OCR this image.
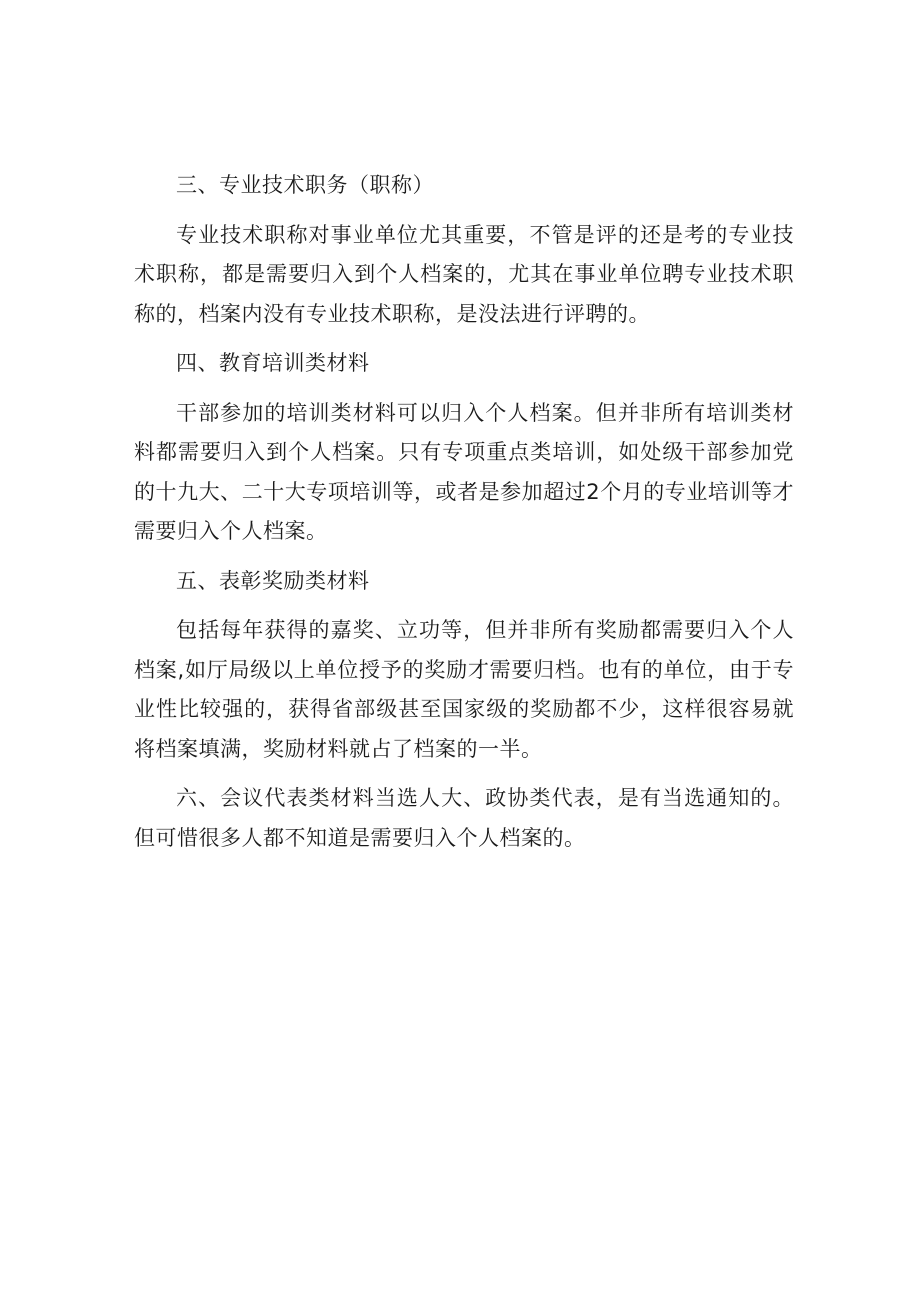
三、专业技术职务（职称）

专业技术职称对事业单位尤其重要，不管是评的还是考的专业技术职称，都是需要归入到个人档案的，尤其在事业单位聘专业技术职称的，档案内没有专业技术职称，是没法进行评聘的。

四、教育培训类材料

干部参加的培训类材料可以归入个人档案。但并非所有培训类材料都需要归入到个人档案。只有专项重点类培训，如处级干部参加党的十九大、二十大专项培训等，或者是参加超过2个月的专业培训等才需要归入个人档案。

五、表彰奖励类材料

包括每年获得的嘉奖、立功等，但并非所有奖励都需要归入个人档案,如厅局级以上单位授予的奖励才需要归档。也有的单位，由于专业性比较强的，获得省部级甚至国家级的奖励都不少，这样很容易就将档案填满，奖励材料就占了档案的一半。

六、会议代表类材料当选人大、政协类代表，是有当选通知的。但可惜很多人都不知道是需要归入个人档案的。
